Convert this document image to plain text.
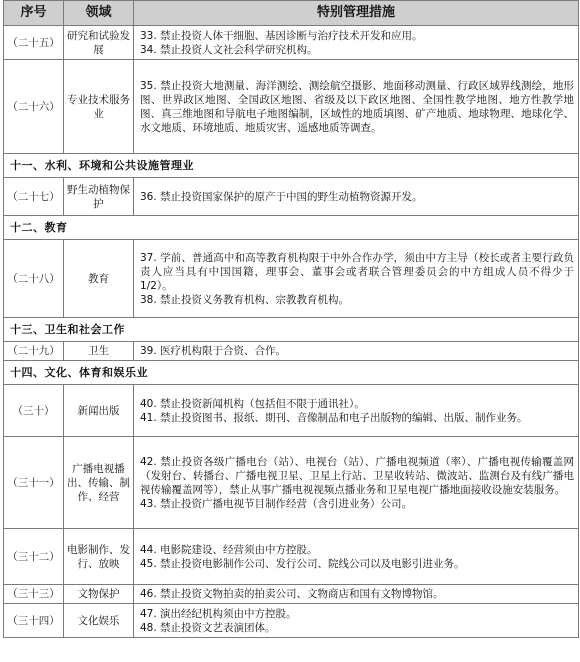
序号	领域	特别管理措施
（二十五）	研究和试验发展	33. 禁止投资人体干细胞、基因诊断与治疗技术开发和应用。
34. 禁止投资人文社会科学研究机构。

（二十六）	专业技术服务业	35. 禁止投资大地测量、海洋测绘、测绘航空摄影、地面移动测量、行政区域界线测绘，地形图、世界政区地图、全国政区地图、省级及以下政区地图、全国性教学地图、地方性教学地图、真三维地图和导航电子地图编制，区域性的地质填图、矿产地质、地球物理、地球化学、水文地质、环境地质、地质灾害、遥感地质等调查。

十一、水利、环境和公共设施管理业		
（二十七）	野生动植物保护	36. 禁止投资国家保护的原产于中国的野生动植物资源开发。

十二、教育		
（二十八）	教育	37. 学前、普通高中和高等教育机构限于中外合作办学，须由中方主导（校长或者主要行政负责人应当具有中国国籍，理事会、董事会或者联合管理委员会的中方组成人员不得少于 1/2）。
38. 禁止投资义务教育机构、宗教教育机构。

十三、卫生和社会工作		
（二十九）	卫生	39. 医疗机构限于合资、合作。

十四、文化、体育和娱乐业		
（三十）	新闻出版	40. 禁止投资新闻机构（包括但不限于通讯社）。
41. 禁止投资图书、报纸、期刊、音像制品和电子出版物的编辑、出版、制作业务。

（三十一）	广播电视播出、传输、制作、经营	42. 禁止投资各级广播电台（站）、电视台（站）、广播电视频道（率）、广播电视传输覆盖网（发射台、转播台、广播电视卫星、卫星上行站、卫星收转站、微波站、监测台及有线广播电视传输覆盖网等），禁止从事广播电视视频点播业务和卫星电视广播地面接收设施安装服务。
43. 禁止投资广播电视节目制作经营（含引进业务）公司。

（三十二）	电影制作、发行、放映	44. 电影院建设、经营须由中方控股。
45. 禁止投资电影制作公司、发行公司、院线公司以及电影引进业务。

（三十三）	文物保护	46. 禁止投资文物拍卖的拍卖公司、文物商店和国有文物博物馆。

（三十四）	文化娱乐	47. 演出经纪机构须由中方控股。
48. 禁止投资文艺表演团体。
